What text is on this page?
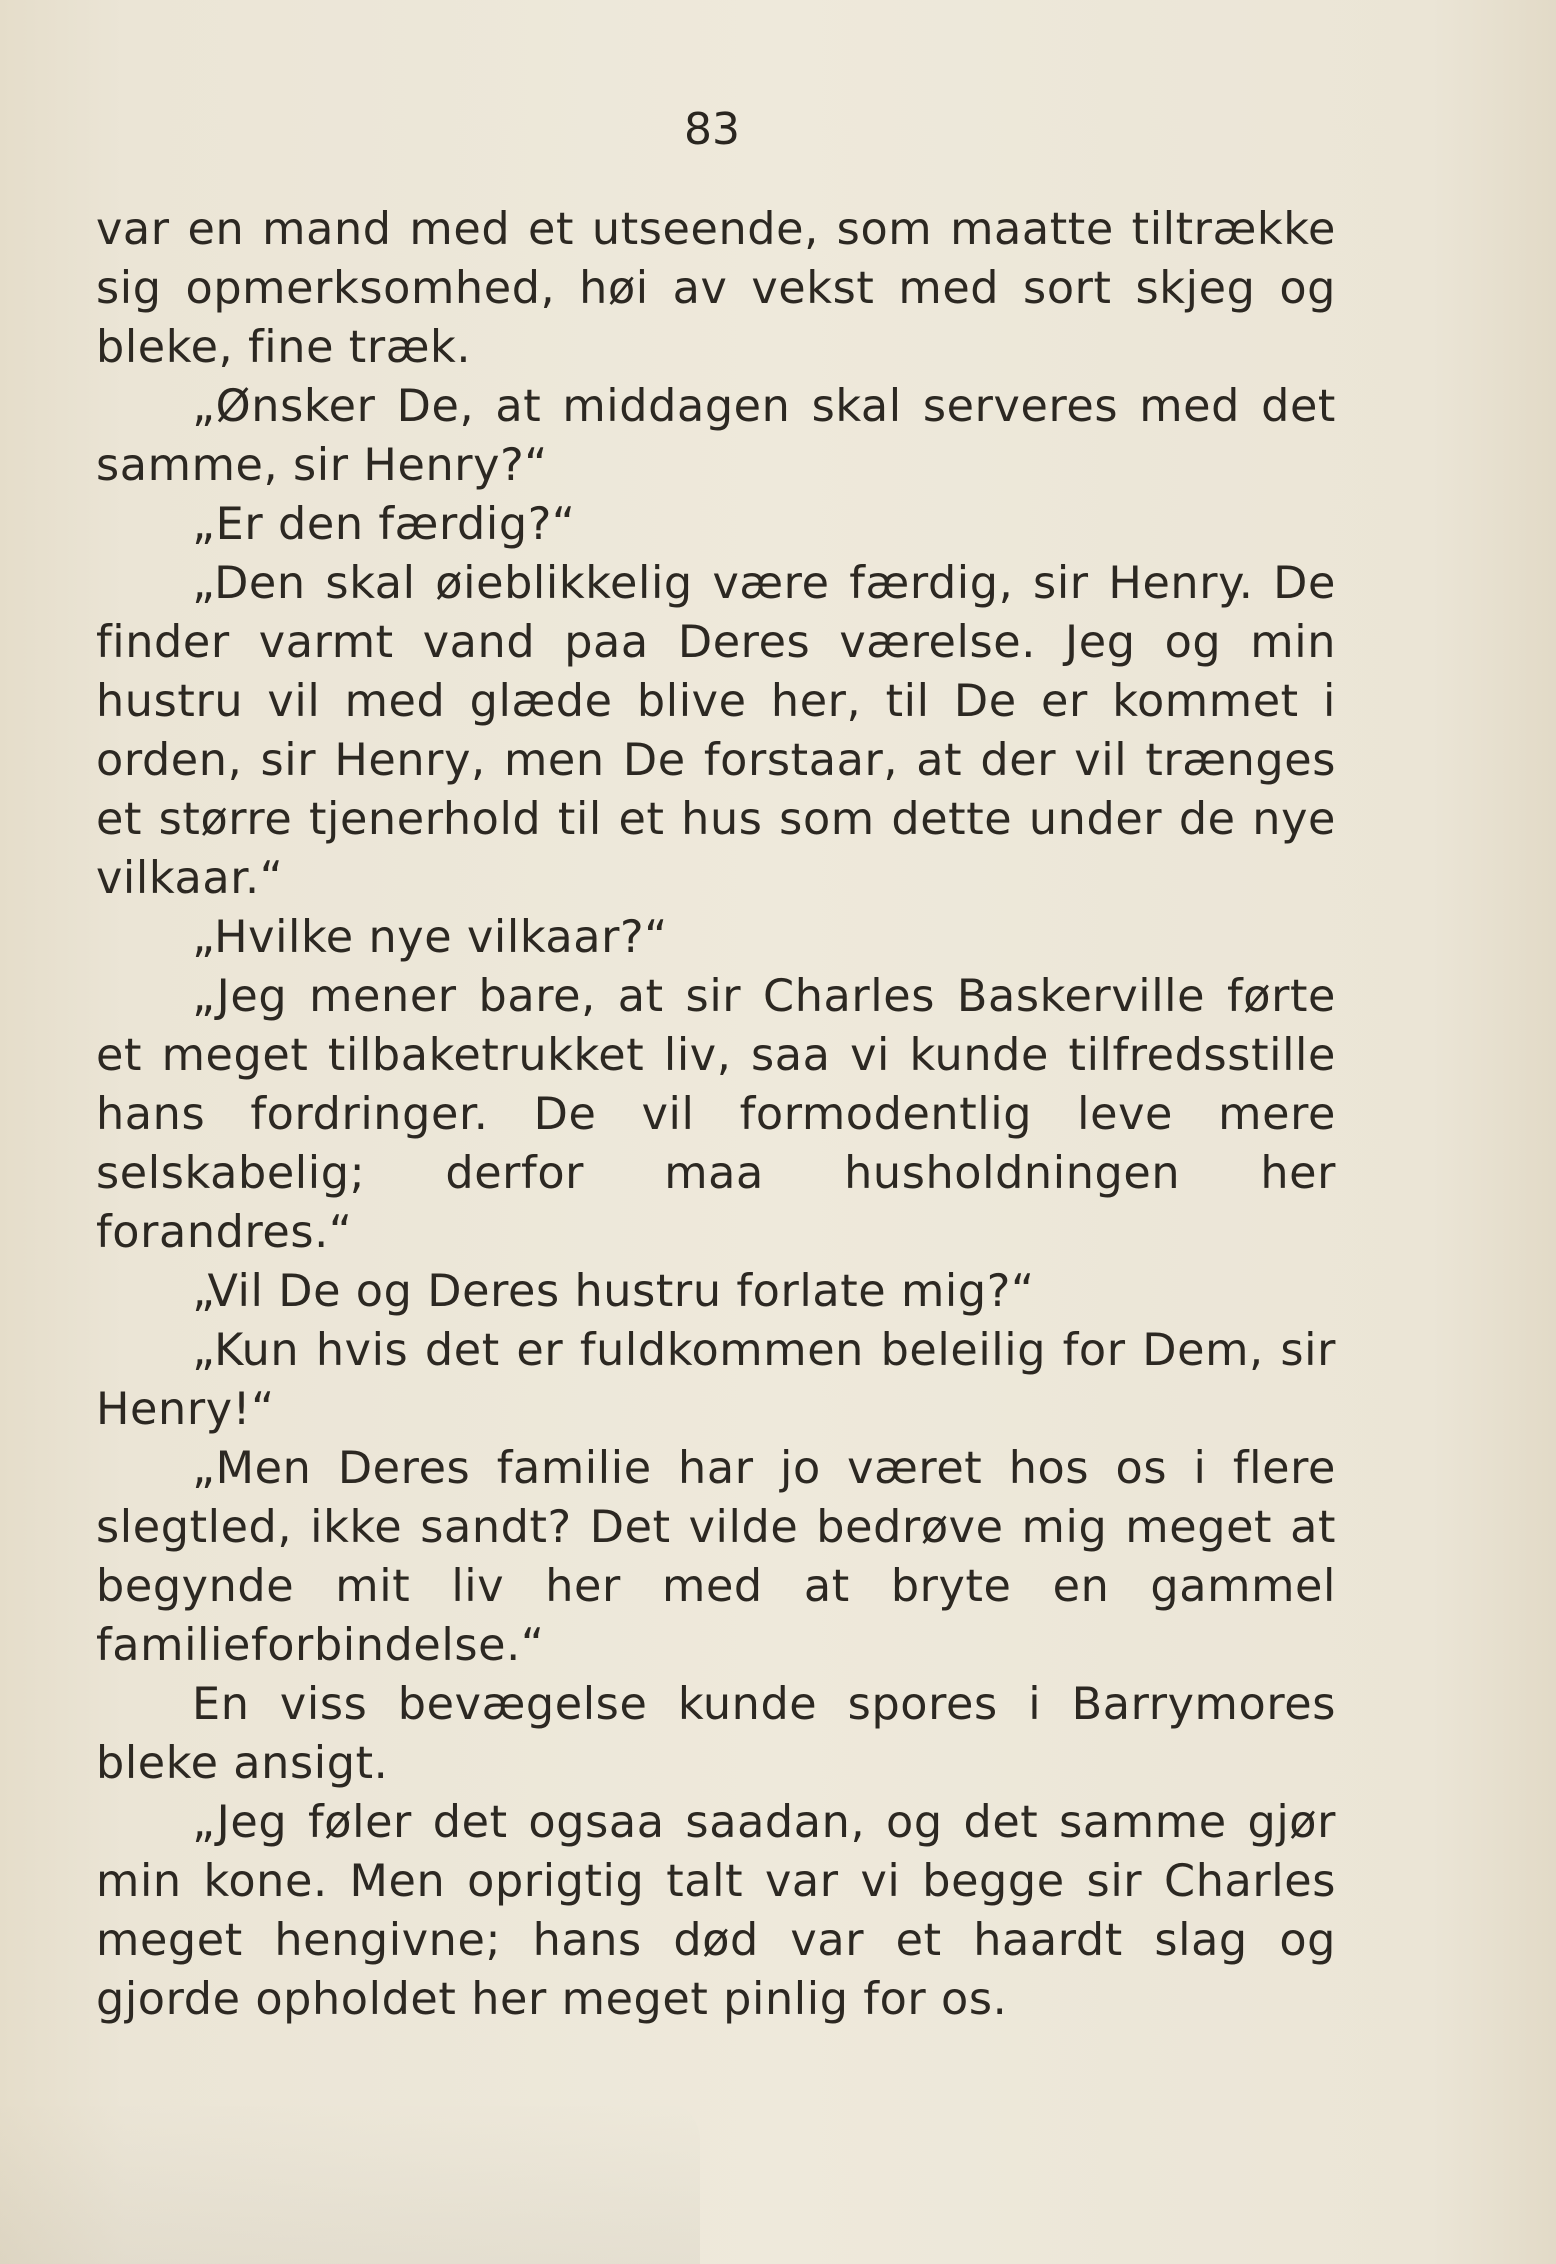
83

var en mand med et utseende, som maatte tiltrække sig opmerksomhed, høi av vekst med sort skjeg og bleke, fine træk.

„Ønsker De, at middagen skal serveres med det samme, sir Henry?“

„Er den færdig?“

„Den skal øieblikkelig være færdig, sir Henry. De finder varmt vand paa Deres værelse. Jeg og min hustru vil med glæde blive her, til De er kommet i orden, sir Henry, men De forstaar, at der vil trænges et større tjenerhold til et hus som dette under de nye vilkaar.“

„Hvilke nye vilkaar?“

„Jeg mener bare, at sir Charles Baskerville førte et meget tilbaketrukket liv, saa vi kunde tilfredsstille hans fordringer. De vil formodentlig leve mere selskabelig; derfor maa husholdningen her forandres.“

„Vil De og Deres hustru forlate mig?“

„Kun hvis det er fuldkommen beleilig for Dem, sir Henry!“

„Men Deres familie har jo været hos os i flere slegtled, ikke sandt? Det vilde bedrøve mig meget at begynde mit liv her med at bryte en gammel familieforbindelse.“

En viss bevægelse kunde spores i Barrymores bleke ansigt.

„Jeg føler det ogsaa saadan, og det samme gjør min kone. Men oprigtig talt var vi begge sir Charles meget hengivne; hans død var et haardt slag og gjorde opholdet her meget pinlig for os.
